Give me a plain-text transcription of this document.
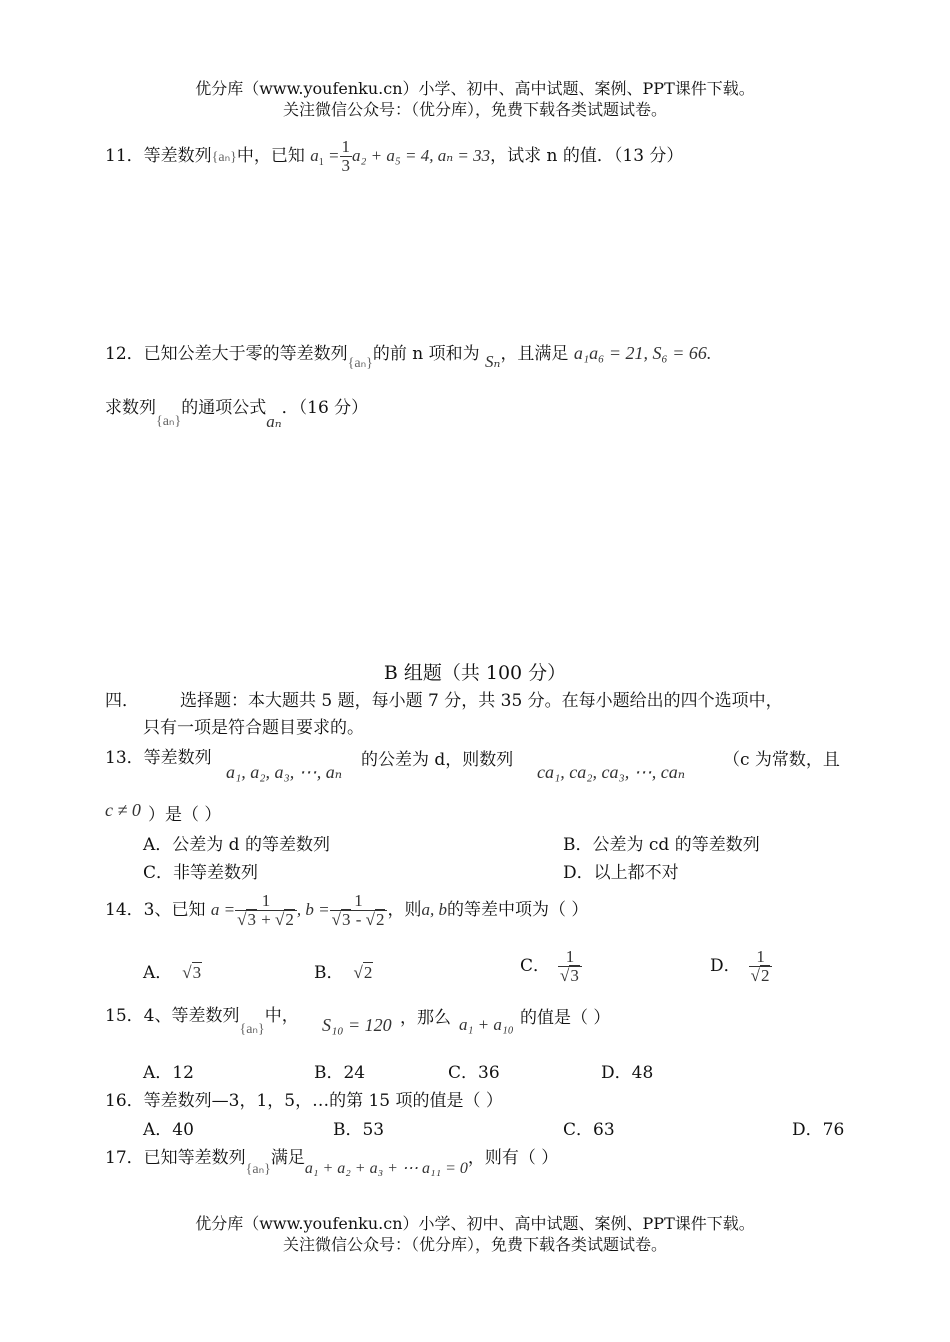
优分库（www.youfenku.cn）小学、初中、高中试题、案例、PPT课件下载。
关注微信公众号：（优分库），免费下载各类试题试卷。
11．等差数列{aₙ}中，已知 $a_1 = \frac{1}{3} a_2 + a_5 = 4$, aₙ = 33，试求 n 的值．（13 分）
12．已知公差大于零的等差数列$_{\{a_n\}}$的前 n 项和为 Sₙ，且满足 a₁a₆ = 21, S₆ = 66.
求数列$_{\{a_n\}}$的通项公式aₙ．（16 分）
B 组题（共 100 分）
四． 选择题：本大题共 5 题，每小题 7 分，共 35 分。在每小题给出的四个选项中，
只有一项是符合题目要求的。
13．等差数列
a₁, a₂, a₃, ⋯, aₙ
的公差为 d，则数列
ca₁, ca₂, ca₃, ⋯, caₙ
（c 为常数，且
c ≠ 0 ）是（ ）
A．公差为 d 的等差数列	B．公差为 cd 的等差数列
C．非等差数列	D．以上都不对
14．3、已知 $a = \frac{1}{√3 + √2}$ , $b = \frac{1}{√3 - √2}$ ，则a, b的等差中项为（ ）
A． √3	B． √2	C． $\frac{1}{√3}$	D． $\frac{1}{√2}$
15．4、等差数列$_{\{a_n\}}$中， S₁₀ = 120 ，那么 a₁ + a₁₀ 的值是（ ）
A．12	B．24	C．36	D．48
16．等差数列—3，1，5，…的第 15 项的值是（ ）
A．40	B．53	C．63	D．76
17．已知等差数列$_{\{a_n\}}$满足a₁ + a₂ + a₃ + ⋯ a₁₁ = 0，则有（ ）
优分库（www.youfenku.cn）小学、初中、高中试题、案例、PPT课件下载。
关注微信公众号：（优分库），免费下载各类试题试卷。
